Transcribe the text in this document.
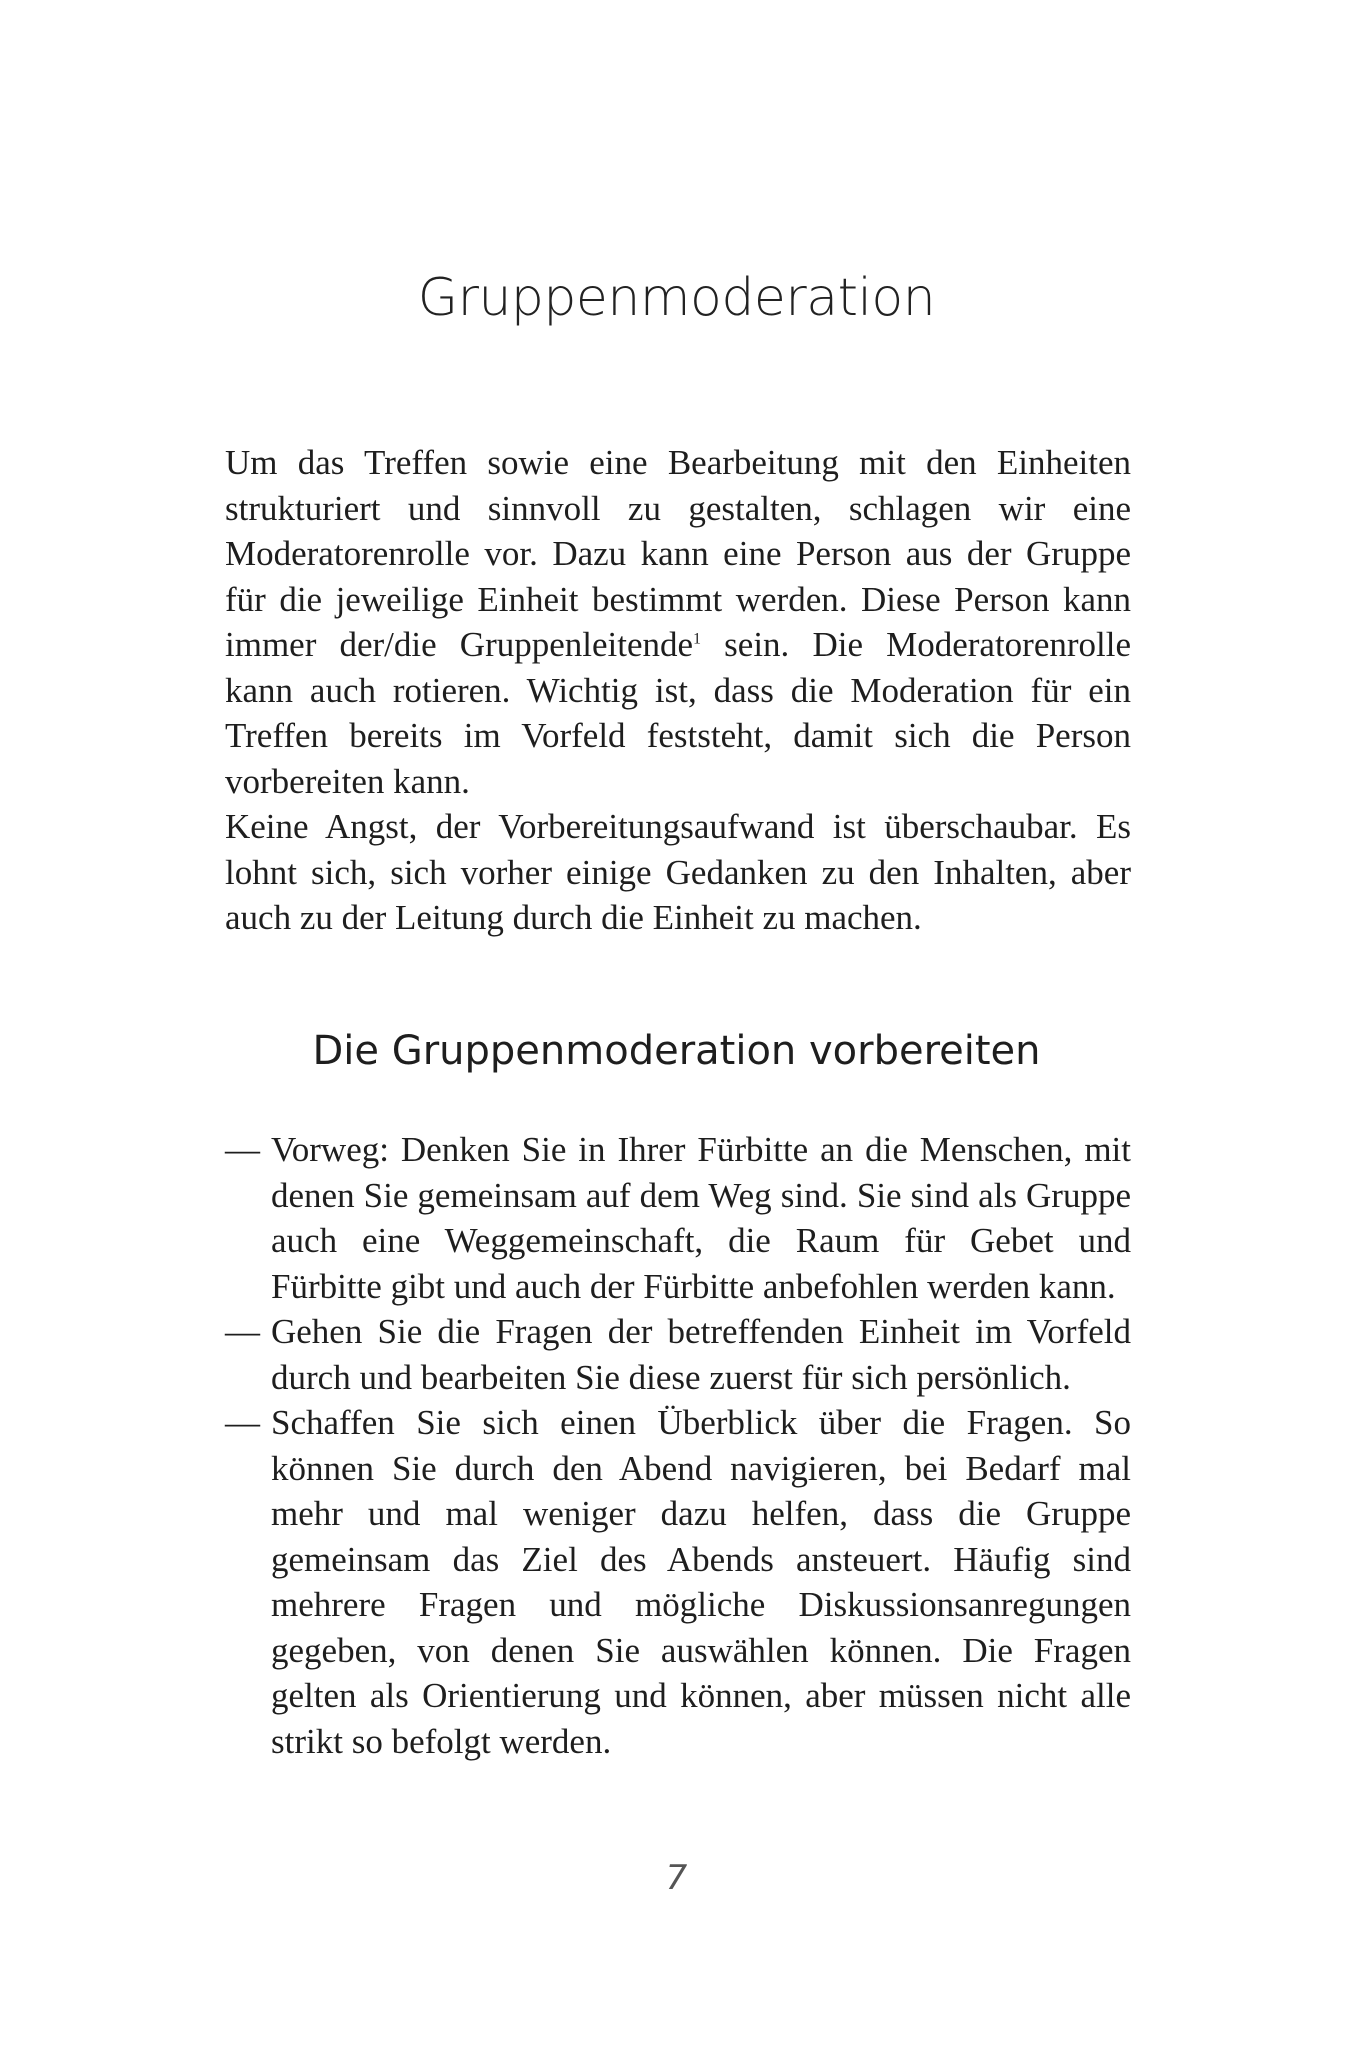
Gruppenmoderation

Um das Treffen sowie eine Bearbeitung mit den Einheiten strukturiert und sinnvoll zu gestalten, schlagen wir eine Moderatorenrolle vor. Dazu kann eine Person aus der Gruppe für die jeweilige Einheit bestimmt werden. Diese Person kann immer der/die Gruppenleitende$^1$ sein. Die Moderatorenrolle kann auch rotieren. Wichtig ist, dass die Moderation für ein Treffen bereits im Vorfeld feststeht, damit sich die Person vorbereiten kann.

Keine Angst, der Vorbereitungsaufwand ist überschaubar. Es lohnt sich, sich vorher einige Gedanken zu den Inhalten, aber auch zu der Leitung durch die Einheit zu machen.

Die Gruppenmoderation vorbereiten
— Vorweg: Denken Sie in Ihrer Fürbitte an die Menschen, mit denen Sie gemeinsam auf dem Weg sind. Sie sind als Gruppe auch eine Weggemeinschaft, die Raum für Gebet und Fürbitte gibt und auch der Fürbitte anbefohlen werden kann.
— Gehen Sie die Fragen der betreffenden Einheit im Vorfeld durch und bearbeiten Sie diese zuerst für sich persönlich.
— Schaffen Sie sich einen Überblick über die Fragen. So können Sie durch den Abend navigieren, bei Bedarf mal mehr und mal weniger dazu helfen, dass die Gruppe gemeinsam das Ziel des Abends ansteuert. Häufig sind mehrere Fragen und mögliche Diskussionsanregungen gegeben, von denen Sie auswählen können. Die Fragen gelten als Orientierung und können, aber müssen nicht alle strikt so befolgt werden.
7
